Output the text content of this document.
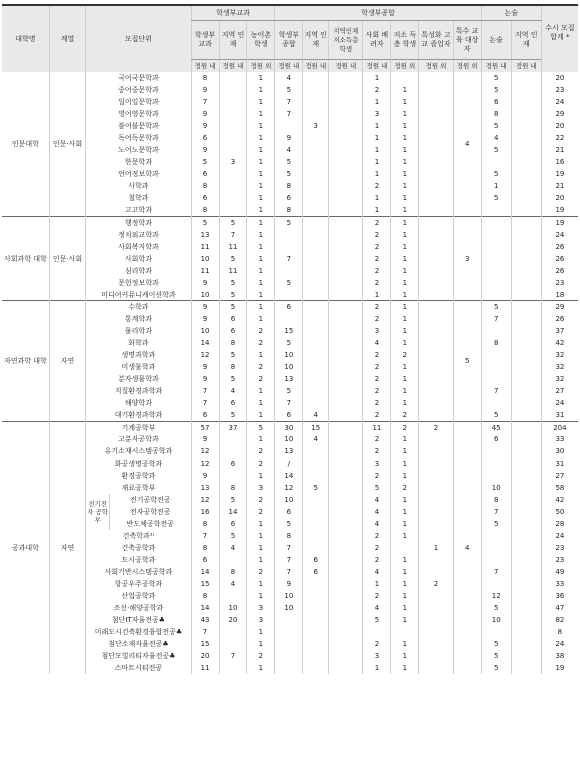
대학명	계열	모집단위		학생부교과			학생부종합							논술		수시 모집 합계 *
				학생부 교과	지역 인재	농어촌 학생	학생부 종합	지역 인재	지역인재 저소득층 학생	사회 배려자	저소 득층 학생	특성화 고교 졸업자	특수 교육 대상자	논술	지역 인재	
				정원 내	정원 내	정원 외	정원 내	정원 내	정원 내	정원 내	정원 외	정원 외	정원 외	정원 내	정원 내	
인문대학	인문·사회	국어국문학과		8		1	4			1			4	5		20
		중어중문학과		9		1	5			2	1			5		23
		일어일문학과		7		1	7			1	1			6		24
		영어영문학과		9		1	7			3	1			8		29
		불어불문학과		9		1		3		1	1			5		20
		독어독문학과		6		1	9			1	1			4		22
		노어노문학과		9		1	4			1	1			5		21
		한문학과		5	3	1	5			1	1					16
		언어정보학과		6		1	5			1	1			5		19
		사학과		8		1	8			2	1			1		21
		철학과		6		1	6			1	1			5		20
		고고학과		8		1	8			1	1					19
사회과학 대학	인문·사회	행정학과		5	5	1	5			2	1		3			19
		정치외교학과		13	7	1				2	1					24
		사회복지학과		11	11	1				2	1					26
		사회학과		10	5	1	7			2	1					26
		심리학과		11	11	1				2	1					26
		문헌정보학과		9	5	1	5			2	1					23
		미디어커뮤니케이션학과		10	5	1				1	1					18
자연과학 대학	자연	수학과		9	5	1	6			2	1		5	5		29
		통계학과		9	6	1				2	1			7		26
		물리학과		10	6	2	15			3	1					37
		화학과		14	8	2	5			4	1			8		42
		생명과학과		12	5	1	10			2	2					32
		미생물학과		9	8	2	10			2	1					32
		분자생물학과		9	5	2	13			2	1					32
		지질환경과학과		7	4	1	5			2	1			7		27
		해양학과		7	6	1	7			2	1					24
		대기환경과학과		6	5	1	6	4		2	2			5		31
공과대학	자연	기계공학부		57	37	5	30	15		11	2	2	4	45		204
		고분자공학과		9		1	10	4		2	1			6		33
		유기소재시스템공학과		12		2	13			2	1					30
		화공생명공학과		12	6	2	/			3	1					31
		환경공학과		9		1	14			2	1					27
		재료공학부		13	8	3	12	5		5	2			10		58
		전기전자 공학부	전기공학전공	12	5	2	10			4	1			8		42
			전자공학전공	16	14	2	6			4	1			7		50
			반도체공학전공	8	6	1	5			4	1			5		28
		건축학과¹⁾		7	5	1	8			2	1					24
		건축공학과		8	4	1	7			2		1				23
		도시공학과		6		1	7	6		2	1					23
		사회기반시스템공학과		14	8	2	7	6		4	1			7		49
		항공우주공학과		15	4	1	9			1	1	2				33
		산업공학과		8		1	10			2	1			12		36
		조선·해양공학과		14	10	3	10			4	1			5		47
		첨단IT자율전공♣		43	20	3				5	1			10		82
		미래도시건축환경융합전공♣		7		1										8
		첨단소재자율전공♣		15		1				2	1			5		24
		첨단모빌리티자율전공♣		20	7	2				3	1			5		38
		스마트시티전공		11		1				1	1			5		19
